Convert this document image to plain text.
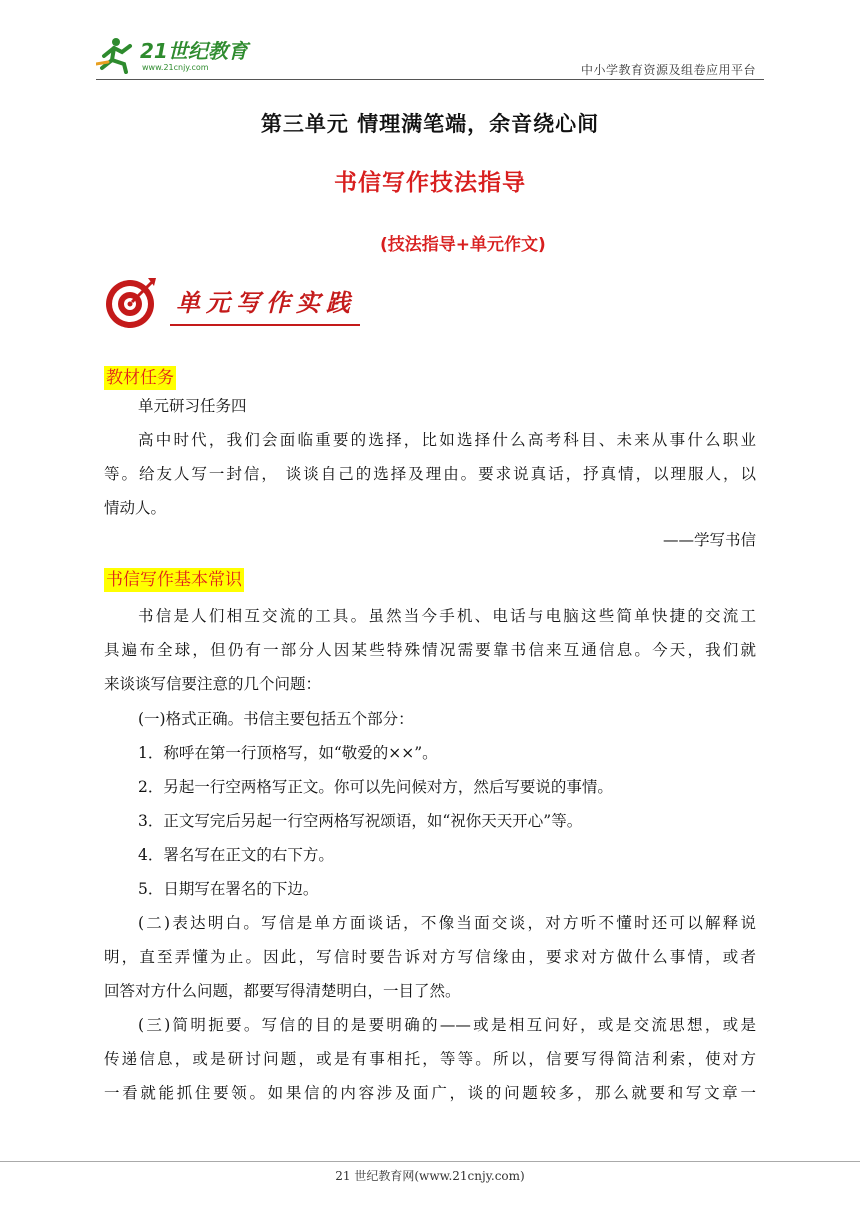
21世纪教育
www.21cnjy.com	中小学教育资源及组卷应用平台
第三单元 情理满笔端，余音绕心间
书信写作技法指导
(技法指导+单元作文)
单元写作实践
教材任务
单元研习任务四
高中时代，我们会面临重要的选择，比如选择什么高考科目、未来从事什么职业
等。给友人写一封信， 谈谈自己的选择及理由。要求说真话，抒真情，以理服人，以
情动人。
——学写书信
书信写作基本常识
书信是人们相互交流的工具。虽然当今手机、电话与电脑这些简单快捷的交流工
具遍布全球，但仍有一部分人因某些特殊情况需要靠书信来互通信息。今天，我们就
来谈谈写信要注意的几个问题：
(一)格式正确。书信主要包括五个部分：
1．称呼在第一行顶格写，如“敬爱的××”。
2．另起一行空两格写正文。你可以先问候对方，然后写要说的事情。
3．正文写完后另起一行空两格写祝颂语，如“祝你天天开心”等。
4．署名写在正文的右下方。
5．日期写在署名的下边。
(二)表达明白。写信是单方面谈话，不像当面交谈，对方听不懂时还可以解释说
明，直至弄懂为止。因此，写信时要告诉对方写信缘由，要求对方做什么事情，或者
回答对方什么问题，都要写得清楚明白，一目了然。
(三)简明扼要。写信的目的是要明确的——或是相互问好，或是交流思想，或是
传递信息，或是研讨问题，或是有事相托，等等。所以，信要写得简洁利索，使对方
一看就能抓住要领。如果信的内容涉及面广，谈的问题较多，那么就要和写文章一
21 世纪教育网(www.21cnjy.com)
